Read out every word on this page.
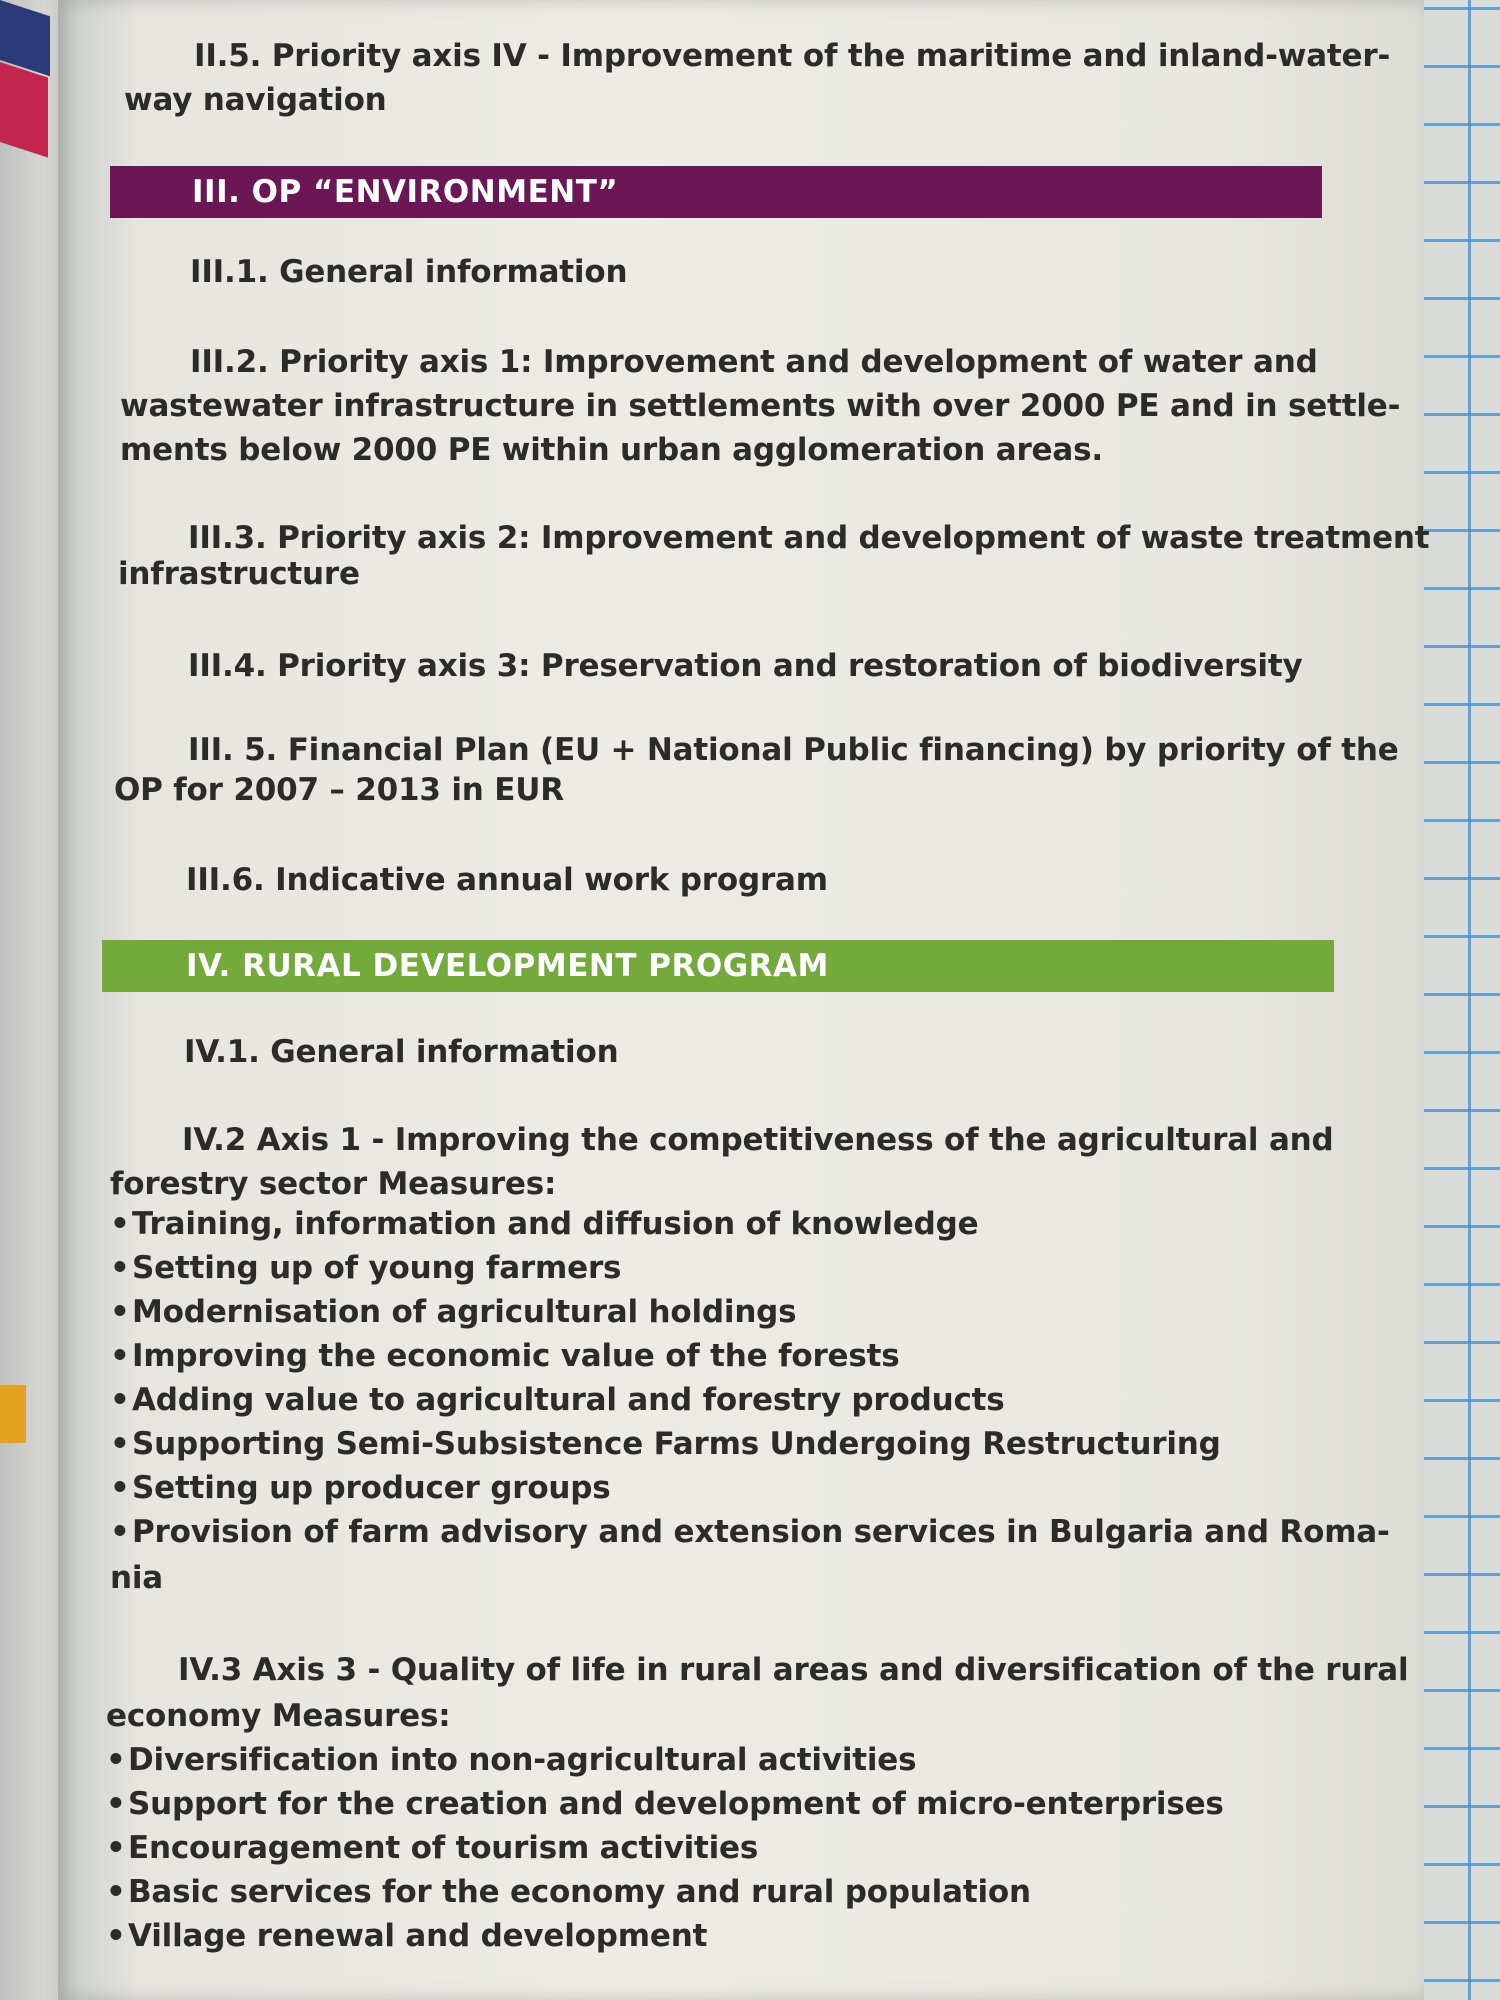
II.5. Priority axis IV - Improvement of the maritime and inland-water-

way navigation

III. OP “ENVIRONMENT”

III.1. General information

III.2. Priority axis 1: Improvement and development of water and

wastewater infrastructure in settlements with over 2000 PE and in settle-

ments below 2000 PE within urban agglomeration areas.

III.3. Priority axis 2: Improvement and development of waste treatment

infrastructure

III.4. Priority axis 3: Preservation and restoration of biodiversity

III. 5. Financial Plan (EU + National Public financing) by priority of the

OP for 2007 – 2013 in EUR

III.6. Indicative annual work program

IV. RURAL DEVELOPMENT PROGRAM

IV.1. General information

IV.2 Axis 1 - Improving the competitiveness of the agricultural and

forestry sector Measures:

•Training, information and diffusion of knowledge
•Setting up of young farmers
•Modernisation of agricultural holdings
•Improving the economic value of the forests
•Adding value to agricultural and forestry products
•Supporting Semi-Subsistence Farms Undergoing Restructuring
•Setting up producer groups
•Provision of farm advisory and extension services in Bulgaria and Roma-

nia

IV.3 Axis 3 - Quality of life in rural areas and diversification of the rural

economy Measures:

•Diversification into non-agricultural activities
•Support for the creation and development of micro-enterprises
•Encouragement of tourism activities
•Basic services for the economy and rural population
•Village renewal and development
